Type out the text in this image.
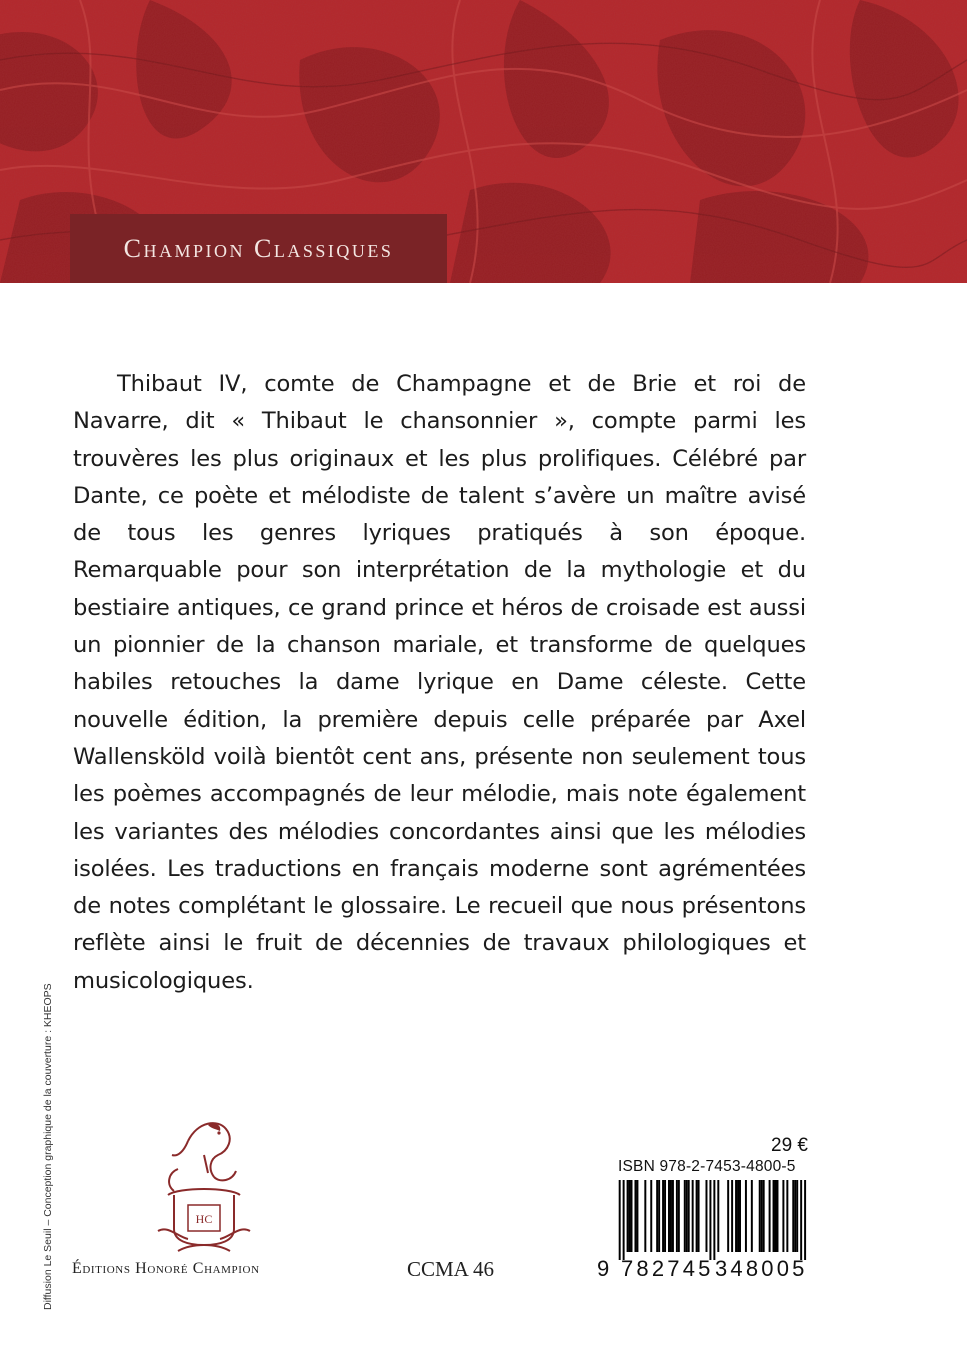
Champion Classiques

Thibaut IV, comte de Champagne et de Brie et roi de Navarre, dit « Thibaut le chansonnier », compte parmi les trouvères les plus originaux et les plus prolifiques. Célébré par Dante, ce poète et mélodiste de talent s’avère un maître avisé de tous les genres lyriques pratiqués à son époque. Remarquable pour son interprétation de la mythologie et du bestiaire antiques, ce grand prince et héros de croisade est aussi un pionnier de la chanson mariale, et transforme de quelques habiles retouches la dame lyrique en Dame céleste. Cette nouvelle édition, la première depuis celle préparée par Axel Wallensköld voilà bientôt cent ans, présente non seulement tous les poèmes accompagnés de leur mélodie, mais note également les variantes des mélodies concordantes ainsi que les mélodies isolées. Les traductions en français moderne sont agrémentées de notes complétant le glossaire. Le recueil que nous présentons reflète ainsi le fruit de décennies de travaux philologiques et musicologiques.

Diffusion Le Seuil – Conception graphique de la couverture : KHEOPS	HC
Éditions Honoré Champion	CCMA 46
29 €
ISBN 978-2-7453-4800-5
9 782745 348005
